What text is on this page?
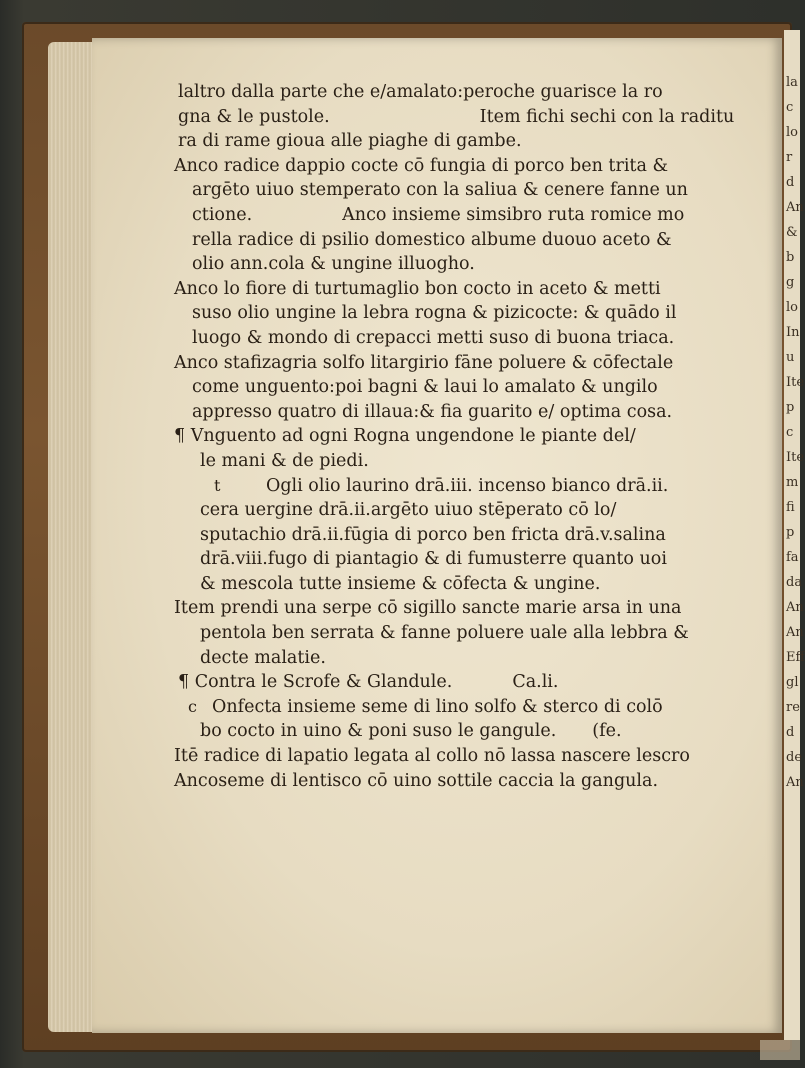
la
c
lo
r
d
An
&
b
g
lo
In
u
Ite
p
c
Ite
m
fi
p
fa
da
An
An
Eff
gl
re
d
de
An
laltro dalla parte che e/amalato:peroche guarisce la ro
gna & le pustole.	Item fichi sechi con la raditu
ra di rame gioua alle piaghe di gambe.
Anco radice dappio cocte cō fungia di porco ben trita &
argēto uiuo stemperato con la saliua & cenere fanne un
ctione.	Anco insieme simsibro ruta romice mo
rella radice di psilio domestico albume duouo aceto &
olio ann.cola & ungine illuogho.
Anco lo fiore di turtumaglio bon cocto in aceto & metti
suso olio ungine la lebra rogna & pizicocte: & quādo il
luogo & mondo di crepacci metti suso di buona triaca.
Anco stafizagria solfo litargirio fāne poluere & cōfectale
come unguento:poi bagni & laui lo amalato & ungilo
appresso quatro di illaua:& fia guarito e/ optima cosa.
¶ Vnguento ad ogni Rogna ungendone le piante del/
le mani & de piedi.
t	Ogli olio laurino drā.iii. incenso bianco drā.ii.
cera uergine drā.ii.argēto uiuo stēperato cō lo/
sputachio drā.ii.fūgia di porco ben fricta drā.v.salina
drā.viii.fugo di piantagio & di fumusterre quanto uoi
& mescola tutte insieme & cōfecta & ungine.
Item prendi una serpe cō sigillo sancte marie arsa in una
pentola ben serrata & fanne poluere uale alla lebbra &
decte malatie.
¶ Contra le Scrofe & Glandule.	Ca.li.
c Onfecta insieme seme di lino solfo & sterco di colō
bo cocto in uino & poni suso le gangule. (fe.
Itē radice di lapatio legata al collo nō lassa nascere lescro
Ancoseme di lentisco cō uino sottile caccia la gangula.
